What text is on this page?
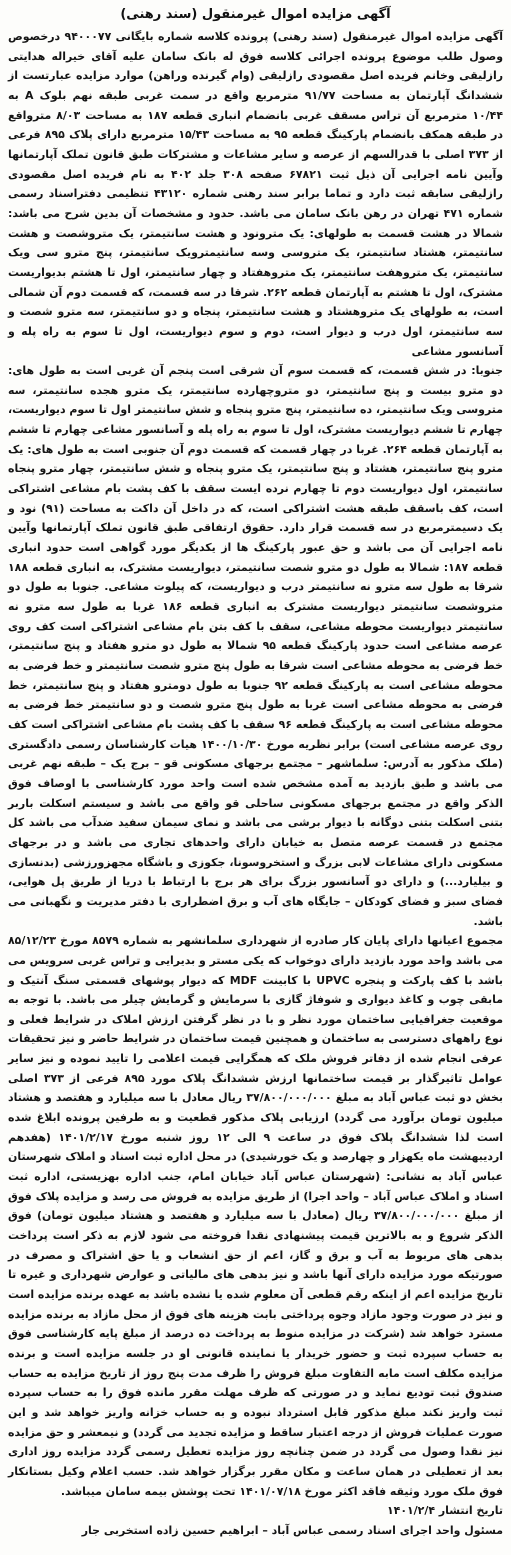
آگهی مزایده اموال غیرمنقول (سند رهنی)

آگهی مزایده اموال غیرمنقول (سند رهنی) پرونده کلاسه شماره بایگانی ۹۴۰۰۰۷۷ درخصوص وصول طلب موضوع پرونده اجرائی کلاسه فوق له بانک سامان علیه آقای خیراله هدایتی رازلیقی وخانم فریده اصل مقصودی رازلیقی (وام گیرنده وراهن) موارد مزایده عبارتست از ششدانگ آپارتمان به مساحت ۹۱/۷۷ مترمربع واقع در سمت غربی طبقه نهم بلوک A به ۱۰/۴۴ مترمربع آن تراس مسقف غربی بانضمام انباری قطعه ۱۸۷ به مساحت ۸/۰۳ مترواقع در طبقه همکف بانضمام پارکینگ قطعه ۹۵ به مساحت ۱۵/۴۳ مترمربع دارای پلاک ۸۹۵ فرعی از ۳۷۳ اصلی با قدرالسهم از عرصه و سایر مشاعات و مشترکات طبق قانون تملک آپارتمانها وآیین نامه اجرایی آن ذیل ثبت ۶۷۸۲۱ صفحه ۳۰۸ جلد ۴۰۲ به نام فریده اصل مقصودی رازلیقی سابقه ثبت دارد و تماما برابر سند رهنی شماره ۴۳۱۲۰ تنظیمی دفتراسناد رسمی شماره ۴۷۱ تهران در رهن بانک سامان می باشد. حدود و مشخصات آن بدین شرح می باشد: شمالا در هشت قسمت به طولهای: یک مترونود و هشت سانتیمتر، یک متروشصت و هشت سانتیمتر، هشتاد سانتیمتر، یک متروسی وسه سانتیمترویک سانتیمتر، پنج مترو سی ویک سانتیمتر، یک متروهفت سانتیمتر، یک متروهفتاد و چهار سانتیمتر، اول تا هشتم بدیواریست مشترک، اول تا هشتم به آپارتمان قطعه ۲۶۲. شرقا در سه قسمت، که قسمت دوم آن شمالی است، به طولهای یک متروهشتاد و هشت سانتیمتر، پنجاه و دو سانتیمتر، سه مترو شصت و سه سانتیمتر، اول درب و دیوار است، دوم و سوم دیواریست، اول تا سوم به راه پله و آسانسور مشاعی

جنوبا: در شش قسمت، که قسمت سوم آن شرقی است پنجم آن غربی است به طول های: دو مترو بیست و پنج سانتیمتر، دو متروچهارده سانتیمتر، یک مترو هجده سانتیمتر، سه متروسی ویک سانتیمتر، ده سانتیمتر، پنج مترو پنجاه و شش سانتیمتر اول تا سوم دیواریست، چهارم تا ششم دیواریست مشترک، اول تا سوم به راه پله و آسانسور مشاعی چهارم تا ششم به آپارتمان قطعه ۲۶۴. غربا در چهار قسمت که قسمت دوم آن جنوبی است به طول های: یک مترو پنج سانتیمتر، هشتاد و پنج سانتیمتر، یک مترو پنجاه و شش سانتیمتر، چهار مترو پنجاه سانتیمتر، اول دیواریست دوم تا چهارم نرده ایست سقف با کف پشت بام مشاعی اشتراکی است، کف باسقف طبقه هشت اشتراکی است، که در داخل آن داکت به مساحت (۹۱) نود و یک دسیمترمربع در سه قسمت قرار دارد. حقوق ارتفاقی طبق قانون تملک آپارتمانها وآیین نامه اجرایی آن می باشد و حق عبور پارکینگ ها از یکدیگر مورد گواهی است حدود انباری قطعه ۱۸۷: شمالا به طول دو مترو شصت سانتیمتر، دیواریست مشترک، به انباری قطعه ۱۸۸ شرقا به طول سه مترو نه سانتیمتر درب و دیواریست، که پیلوت مشاعی. جنوبا به طول دو متروشصت سانتیمتر دیواریست مشترک به انباری قطعه ۱۸۶ غربا به طول سه مترو نه سانتیمتر دیواریست محوطه مشاعی، سقف با کف بتن بام مشاعی اشتراکی است کف روی عرصه مشاعی است حدود پارکینگ قطعه ۹۵ شمالا به طول دو مترو هفتاد و پنج سانتیمتر، خط فرضی به محوطه مشاعی است شرقا به طول پنج مترو شصت سانتیمتر و خط فرضی به محوطه مشاعی است به پارکینگ قطعه ۹۲ جنوبا به طول دومترو هفتاد و پنج سانتیمتر، خط فرضی به محوطه مشاعی است غربا به طول پنج مترو شصت و دو سانتیمتر خط فرضی به محوطه مشاعی است به پارکینگ قطعه ۹۶ سقف با کف پشت بام مشاعی اشتراکی است کف روی عرصه مشاعی است) برابر نظریه مورخ ۱۴۰۰/۱۰/۳۰ هیات کارشناسان رسمی دادگستری (ملک مذکور به آدرس: سلماشهر – مجتمع برجهای مسکونی قو – برج یک – طبقه نهم غربی می باشد و طبق بازدید به آمده مشخص شده است واحد مورد کارشناسی با اوصاف فوق الذکر واقع در مجتمع برجهای مسکونی ساحلی قو واقع می باشد و سیستم اسکلت باربر بتنی اسکلت بتنی دوگانه با دیوار برشی می باشد و نمای سیمان سفید ضدآب می باشد کل مجتمع در قسمت عرصه متصل به خیابان دارای واحدهای تجاری می باشد و در برجهای مسکونی دارای مشاعات لابی بزرگ و استخروسونا، جکوزی و باشگاه مجهزورزشی (بدنسازی و بیلیارد...) و دارای دو آسانسور بزرگ برای هر برج با ارتباط با دریا از طریق پل هوایی، فضای سبز و فضای کودکان – جایگاه های آب و برق اضطراری با دفتر مدیریت و نگهبانی می باشد.

مجموع اعیانها دارای پایان کار صادره از شهرداری سلمانشهر به شماره ۸۵۷۹ مورخ ۸۵/۱۲/۲۳ می باشد واحد مورد بازدید دارای دوخواب که یکی مستر و بدیرایی و تراس غربی سرویس می باشد با کف پارکت و پنجره UPVC با کابینت MDF که دیوار پوشهای قسمتی سنگ آنتیک و مابقی چوب و کاغذ دیواری و شوفاژ گازی با سرمایش و گرمایش چیلر می باشد. با توجه به موقعیت جغرافیایی ساختمان مورد نظر و با در نظر گرفتن ارزش املاک در شرایط فعلی و نوع راههای دسترسی به ساختمان و همچنین قیمت ساختمان در شرایط حاضر و نیز تحقیقات عرفی انجام شده از دفاتر فروش ملک که همگرایی قیمت اعلامی را تایید نموده و نیز سایر عوامل تاثیرگذار بر قیمت ساختمانها ارزش ششدانگ پلاک مورد ۸۹۵ فرعی از ۳۷۳ اصلی بخش دو ثبت عباس آباد به مبلغ ۳۷/۸۰۰/۰۰۰/۰۰۰ ریال معادل با سه میلیارد و هفتصد و هشتاد میلیون تومان برآورد می گردد) ارزیابی پلاک مذکور قطعیت و به طرفین پرونده ابلاغ شده است لذا ششدانگ پلاک فوق در ساعت ۹ الی ۱۲ روز شنبه مورخ ۱۴۰۱/۲/۱۷ (هفدهم اردیبهشت ماه یکهزار و چهارصد و یک خورشیدی) در محل اداره ثبت اسناد و املاک شهرستان عباس آباد به نشانی: (شهرستان عباس آباد خیابان امام، جنب اداره بهزیستی، اداره ثبت اسناد و املاک عباس آباد – واحد اجرا) از طریق مزایده به فروش می رسد و مزایده پلاک فوق از مبلغ ۳۷/۸۰۰/۰۰۰/۰۰۰ ریال (معادل با سه میلیارد و هفتصد و هشتاد میلیون تومان) فوق الذکر شروع و به بالاترین قیمت پیشنهادی نقدا فروخته می شود لازم به ذکر است پرداخت بدهی های مربوط به آب و برق و گاز، اعم از حق انشعاب و یا حق اشتراک و مصرف در صورتیکه مورد مزایده دارای آنها باشد و نیز بدهی های مالیاتی و عوارض شهرداری و غیره تا تاریخ مزایده اعم از اینکه رقم قطعی آن معلوم شده یا نشده باشد به عهده برنده مزایده است و نیز در صورت وجود مازاد وجوه پرداختی بابت هزینه های فوق از محل مازاد به برنده مزایده مسترد خواهد شد (شرکت در مزایده منوط به پرداخت ده درصد از مبلغ پایه کارشناسی فوق به حساب سپرده ثبت و حضور خریدار یا نماینده قانونی او در جلسه مزایده است و برنده مزایده مکلف است مابه التفاوت مبلغ فروش را ظرف مدت پنج روز از تاریخ مزایده به حساب صندوق ثبت تودیع نماید و در صورتی که ظرف مهلت مقرر مانده فوق را به حساب سپرده ثبت واریز نکند مبلغ مذکور قابل استرداد نبوده و به حساب خزانه واریز خواهد شد و این صورت عملیات فروش از درجه اعتبار ساقط و مزایده تجدید می گردد) و نیمعشر و حق مزایده نیز نقدا وصول می گردد در ضمن چنانچه روز مزایده تعطیل رسمی گردد مزایده روز اداری بعد از تعطیلی در همان ساعت و مکان مقرر برگزار خواهد شد. حسب اعلام وکیل بستانکار فوق ملک مورد وثیقه فاقد اکثر مورخ ۱۴۰۱/۰۷/۱۸ تحت پوشش بیمه سامان میباشد.

تاریخ انتشار ۱۴۰۱/۲/۴
مسئول واحد اجرای اسناد رسمی عباس آباد – ابراهیم حسین زاده استخربی جار
